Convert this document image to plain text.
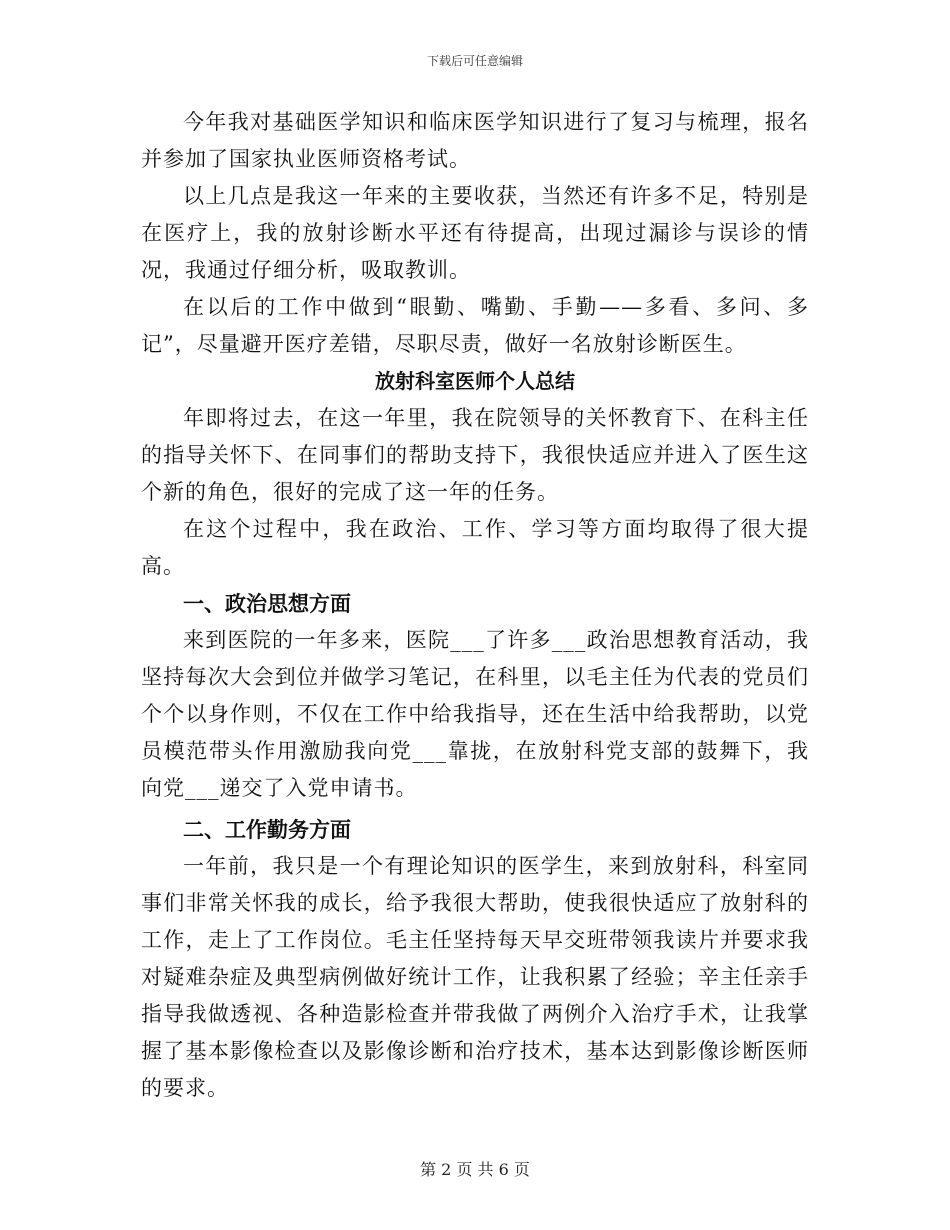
下载后可任意编辑

今年我对基础医学知识和临床医学知识进行了复习与梳理，报名并参加了国家执业医师资格考试。

以上几点是我这一年来的主要收获，当然还有许多不足，特别是在医疗上，我的放射诊断水平还有待提高，出现过漏诊与误诊的情况，我通过仔细分析，吸取教训。

在以后的工作中做到“眼勤、嘴勤、手勤——多看、多问、多记”，尽量避开医疗差错，尽职尽责，做好一名放射诊断医生。

放射科室医师个人总结

年即将过去，在这一年里，我在院领导的关怀教育下、在科主任的指导关怀下、在同事们的帮助支持下，我很快适应并进入了医生这个新的角色，很好的完成了这一年的任务。

在这个过程中，我在政治、工作、学习等方面均取得了很大提高。

一、政治思想方面

来到医院的一年多来，医院___了许多___政治思想教育活动，我坚持每次大会到位并做学习笔记，在科里，以毛主任为代表的党员们个个以身作则，不仅在工作中给我指导，还在生活中给我帮助，以党员模范带头作用激励我向党___靠拢，在放射科党支部的鼓舞下，我向党___递交了入党申请书。

二、工作勤务方面

一年前，我只是一个有理论知识的医学生，来到放射科，科室同事们非常关怀我的成长，给予我很大帮助，使我很快适应了放射科的工作，走上了工作岗位。毛主任坚持每天早交班带领我读片并要求我对疑难杂症及典型病例做好统计工作，让我积累了经验；辛主任亲手指导我做透视、各种造影检查并带我做了两例介入治疗手术，让我掌握了基本影像检查以及影像诊断和治疗技术，基本达到影像诊断医师的要求。

第 2 页 共 6 页
